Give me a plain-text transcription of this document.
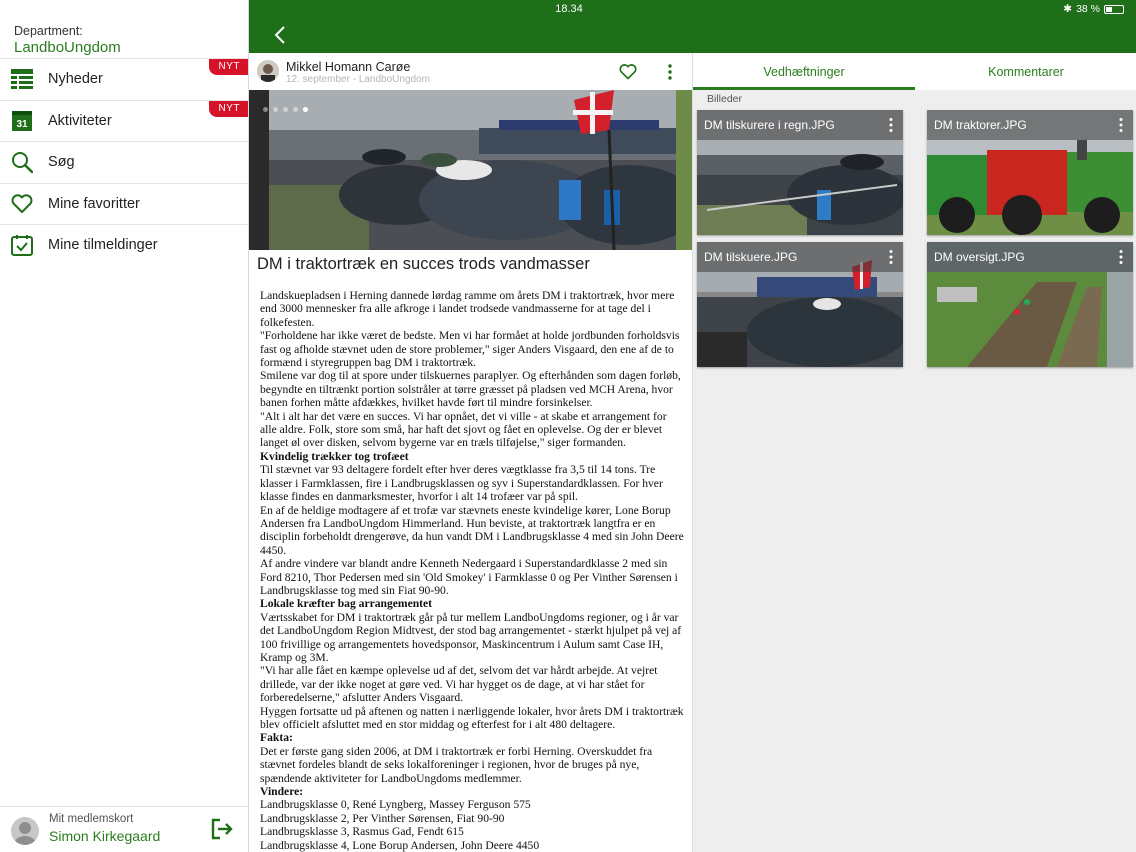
Department:
LandboUngdom
Nyheder
NYT
31 Aktiviteter
NYT
Søg
Mine favoritter
Mine tilmeldinger
Mit medlemskort
Simon Kirkegaard
18.34	✱ 38 %
Mikkel Homann Carøe
12. september - LandboUngdom
DM i traktortræk en succes trods vandmasser

Landskuepladsen i Herning dannede lørdag ramme om årets DM i traktortræk, hvor mere end 3000 mennesker fra alle afkroge i landet trodsede vandmasserne for at tage del i folkefesten.

"Forholdene har ikke været de bedste. Men vi har formået at holde jordbunden forholdsvis fast og afholde stævnet uden de store problemer," siger Anders Visgaard, den ene af de to formænd i styregruppen bag DM i traktortræk.

Smilene var dog til at spore under tilskuernes paraplyer. Og efterhånden som dagen forløb, begyndte en tiltrænkt portion solstråler at tørre græsset på pladsen ved MCH Arena, hvor banen forhen måtte afdækkes, hvilket havde ført til mindre forsinkelser.

"Alt i alt har det være en succes. Vi har opnået, det vi ville - at skabe et arrangement for alle aldre. Folk, store som små, har haft det sjovt og fået en oplevelse. Og der er blevet langet øl over disken, selvom bygerne var en træls tilføjelse," siger formanden.

Kvindelig trækker tog trofæet

Til stævnet var 93 deltagere fordelt efter hver deres vægtklasse fra 3,5 til 14 tons. Tre klasser i Farmklassen, fire i Landbrugsklassen og syv i Superstandardklassen. For hver klasse findes en danmarksmester, hvorfor i alt 14 trofæer var på spil.

En af de heldige modtagere af et trofæ var stævnets eneste kvindelige kører, Lone Borup Andersen fra LandboUngdom Himmerland. Hun beviste, at traktortræk langtfra er en disciplin forbeholdt drengerøve, da hun vandt DM i Landbrugsklasse 4 med sin John Deere 4450.

Af andre vindere var blandt andre Kenneth Nedergaard i Superstandardklasse 2 med sin Ford 8210, Thor Pedersen med sin 'Old Smokey' i Farmklasse 0 og Per Vinther Sørensen i Landbrugsklasse tog med sin Fiat 90-90.

Lokale kræfter bag arrangementet

Værtsskabet for DM i traktortræk går på tur mellem LandboUngdoms regioner, og i år var det LandboUngdom Region Midtvest, der stod bag arrangementet - stærkt hjulpet på vej af 100 frivillige og arrangementets hovedsponsor, Maskincentrum i Aulum samt Case IH, Kramp og 3M.

"Vi har alle fået en kæmpe oplevelse ud af det, selvom det var hårdt arbejde. At vejret drillede, var der ikke noget at gøre ved. Vi har hygget os de dage, at vi har stået for forberedelserne," afslutter Anders Visgaard.

Hyggen fortsatte ud på aftenen og natten i nærliggende lokaler, hvor årets DM i traktortræk blev officielt afsluttet med en stor middag og efterfest for i alt 480 deltagere.

Fakta:

Det er første gang siden 2006, at DM i traktortræk er forbi Herning. Overskuddet fra stævnet fordeles blandt de seks lokalforeninger i regionen, hvor de bruges på nye, spændende aktiviteter for LandboUngdoms medlemmer.

Vindere:

Landbrugsklasse 0, René Lyngberg, Massey Ferguson 575

Landbrugsklasse 2, Per Vinther Sørensen, Fiat 90-90

Landbrugsklasse 3, Rasmus Gad, Fendt 615

Landbrugsklasse 4, Lone Borup Andersen, John Deere 4450

Vedhæftninger	Kommentarer
Billeder
DM tilskurere i regn.JPG	DM traktorer.JPG
DM tilskuere.JPG	DM oversigt.JPG
